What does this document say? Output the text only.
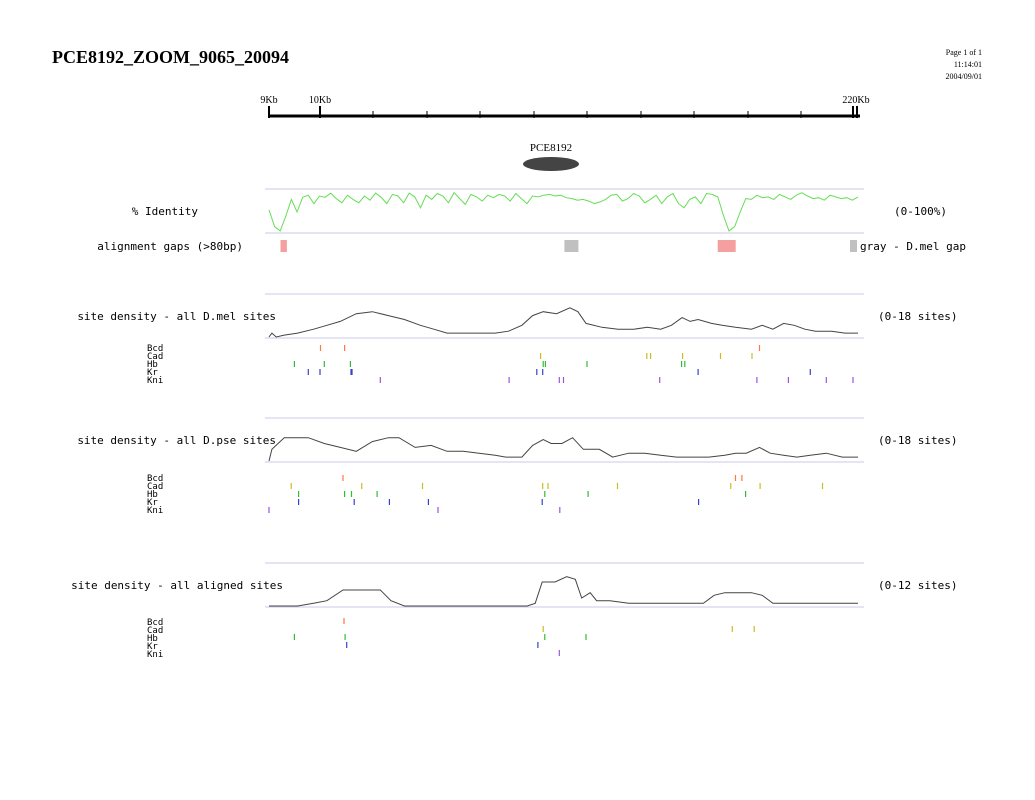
PCE8192_ZOOM_9065_20094	Page 1 of 1
11:14:01
2004/09/01
9Kb	10Kb	220Kb
PCE8192
% Identity	(0-100%)
alignment gaps (>80bp)	gray - D.mel gap
site density - all D.mel sites	(0-18 sites)
Bcd
Cad
Hb
Kr
Kni
site density - all D.pse sites	(0-18 sites)
Bcd
Cad
Hb
Kr
Kni
site density - all aligned sites	(0-12 sites)
Bcd
Cad
Hb
Kr
Kni
